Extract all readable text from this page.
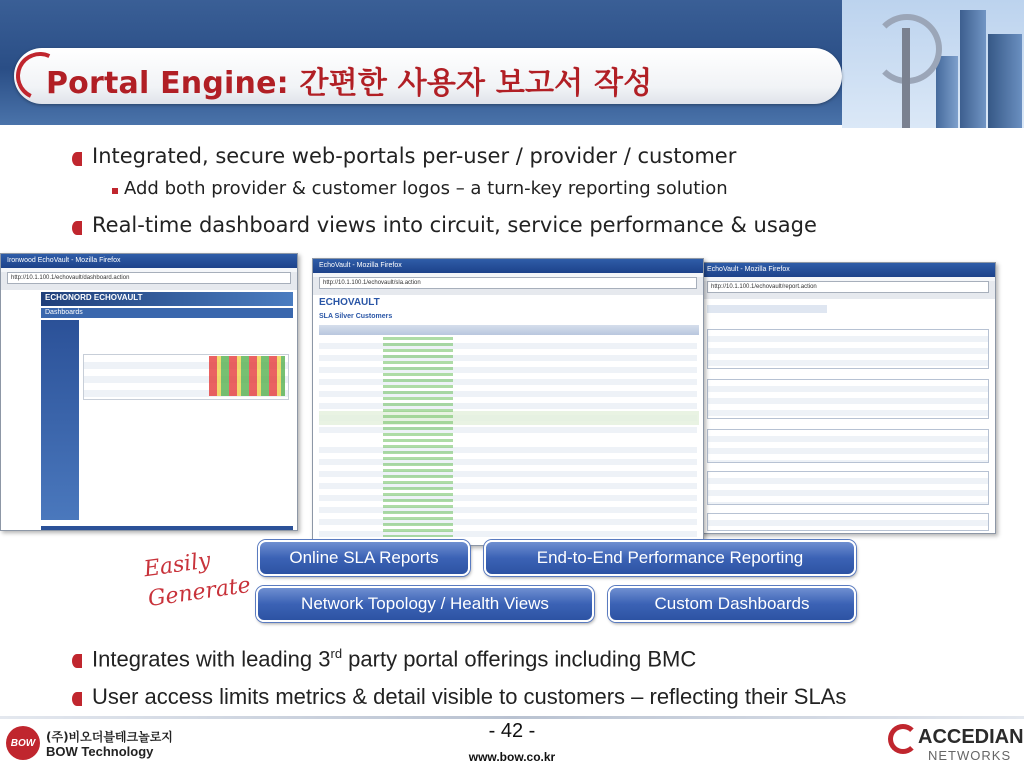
Portal Engine: 간편한 사용자 보고서 작성
Integrated, secure web-portals per-user / provider / customer
Add both provider & customer logos – a turn-key reporting solution
Real-time dashboard views into circuit, service performance & usage
Ironwood EchoVault - Mozilla Firefox
http://10.1.100.1/echovault/dashboard.action
ECHONORD ECHOVAULT
Dashboards
EchoVault - Mozilla Firefox
http://10.1.100.1/echovault/report.action
EchoVault - Mozilla Firefox
http://10.1.100.1/echovault/sla.action
ECHOVAULT
SLA Silver Customers
Easily
Generate
Online SLA Reports	End-to-End Performance Reporting
Network Topology / Health Views	Custom Dashboards
Integrates with leading 3rd party portal offerings including BMC
User access limits metrics & detail visible to customers – reflecting their SLAs
BOW (주)비오더블테크놀로지
BOW Technology
- 42 -
www.bow.co.kr
ACCEDIAN
NETWORKS
